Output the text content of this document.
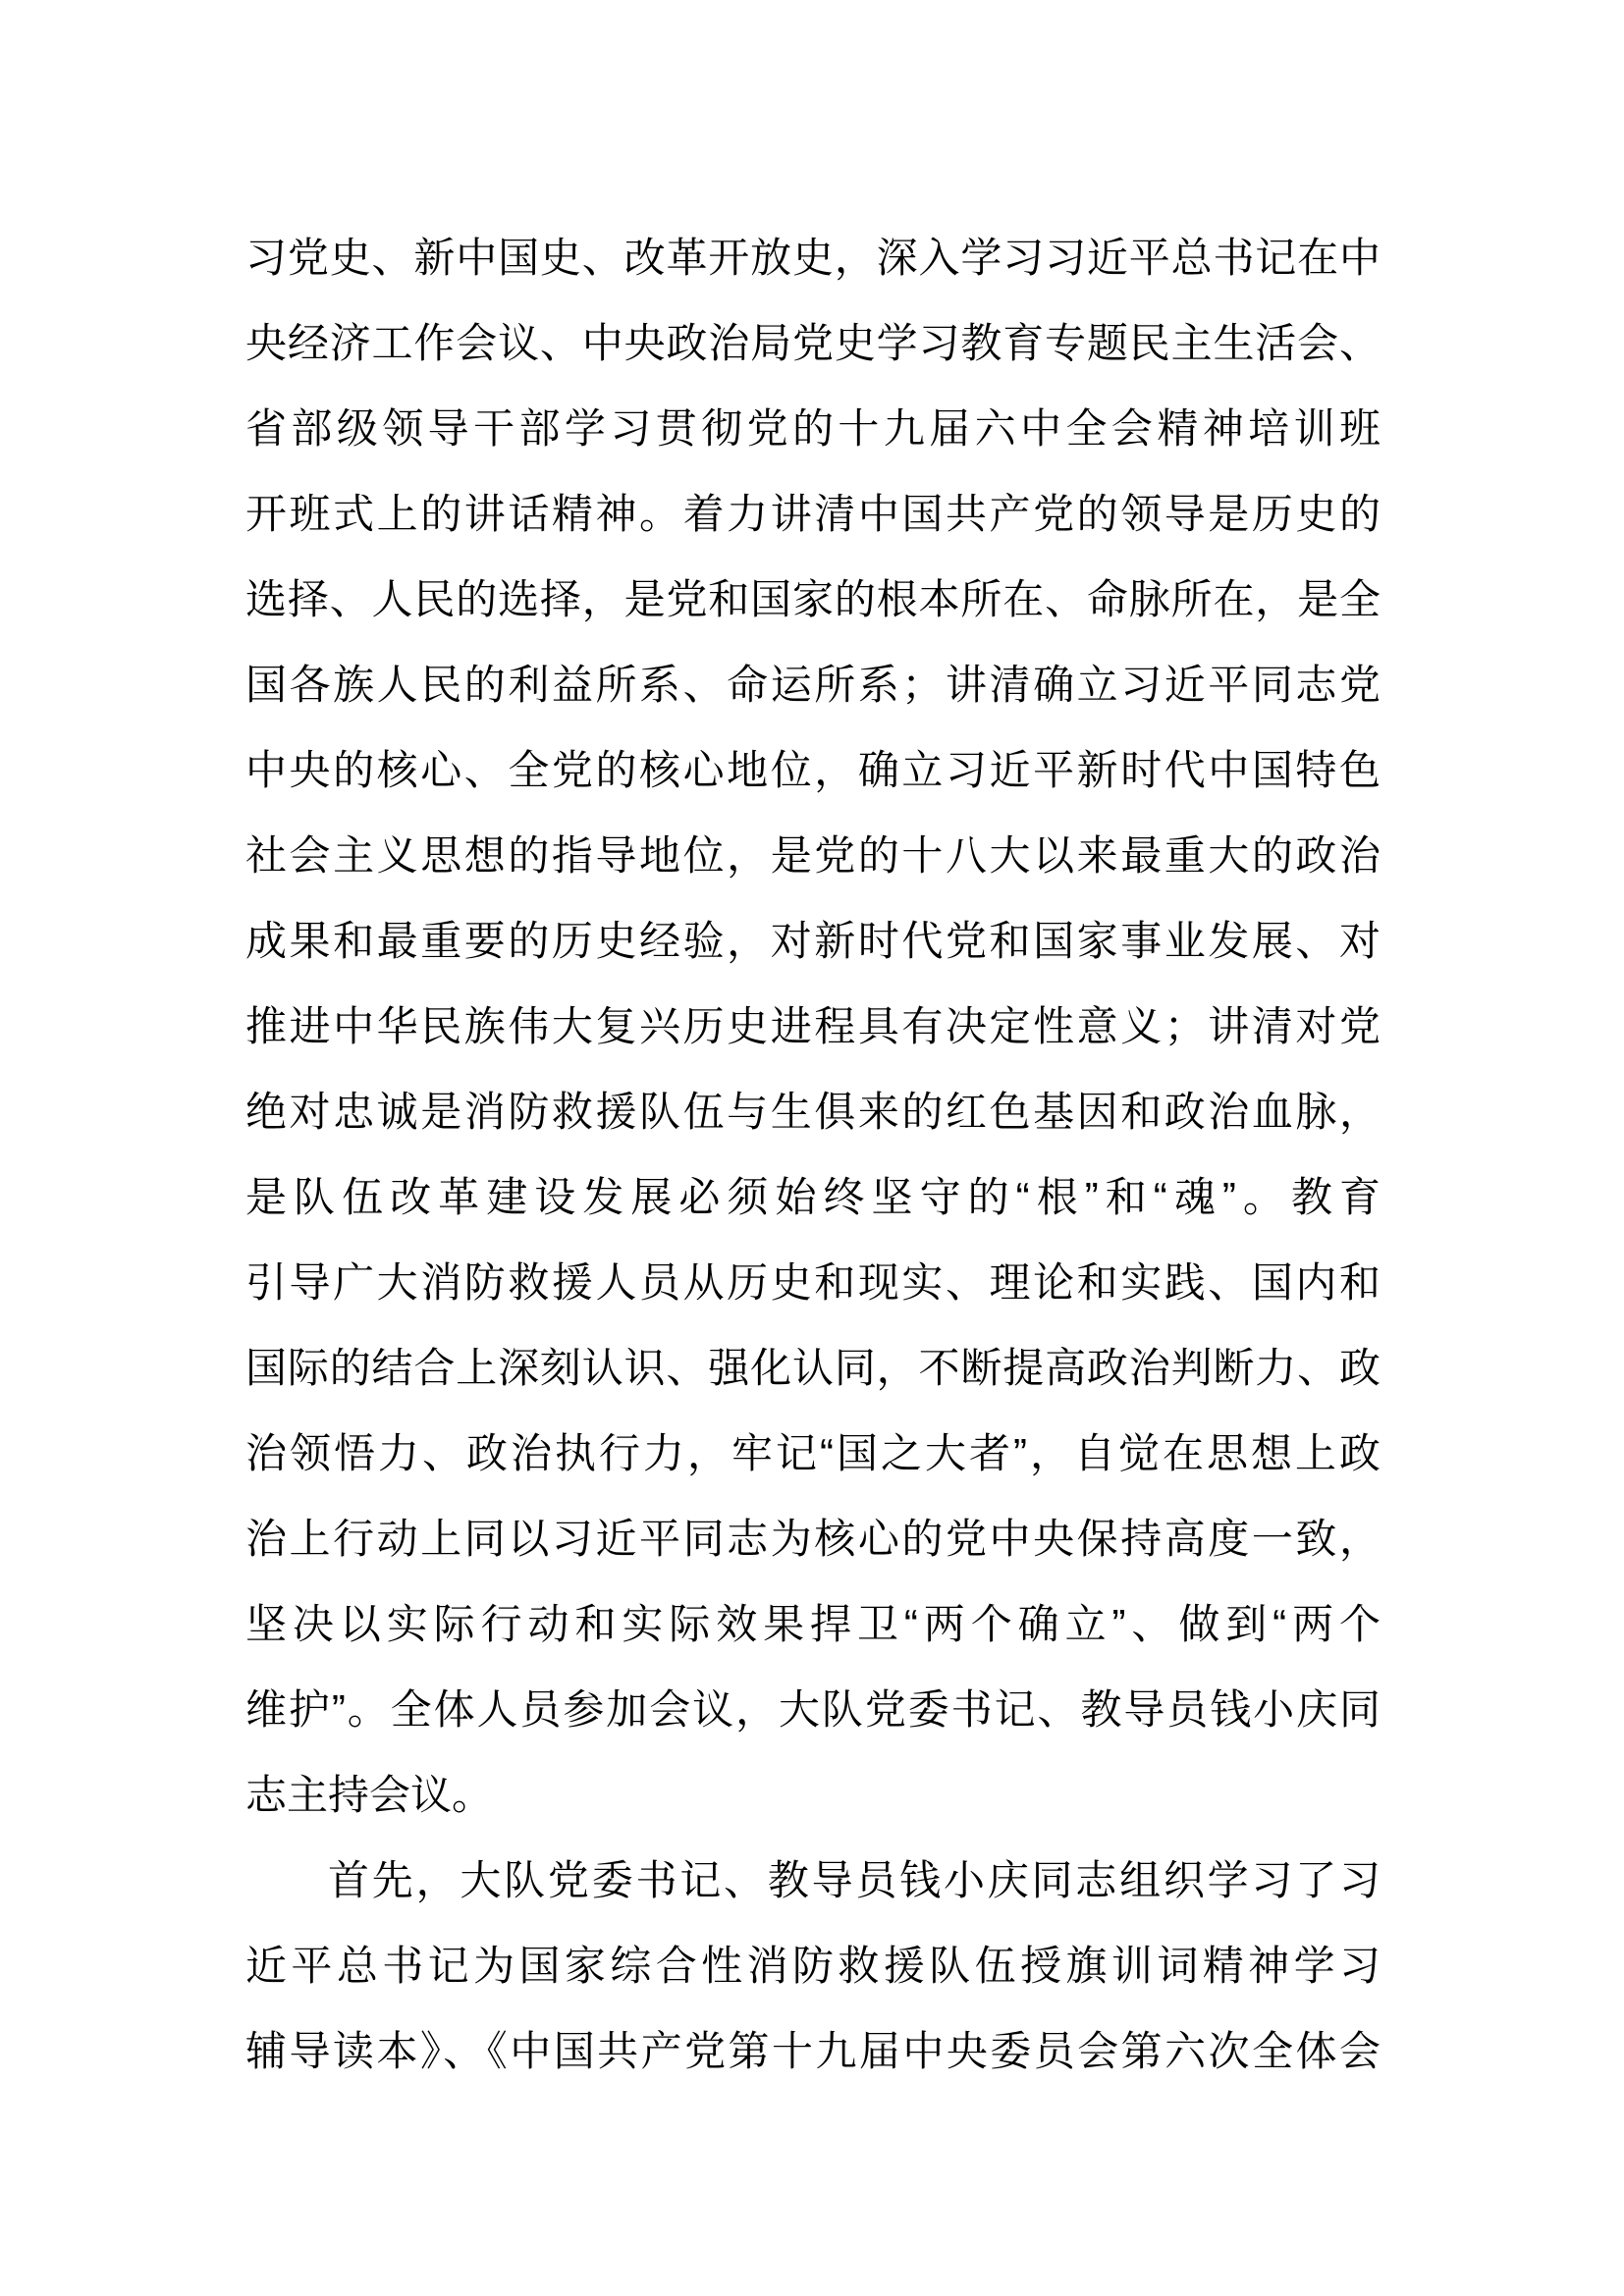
习党史、新中国史、改革开放史，深入学习习近平总书记在中
央经济工作会议、中央政治局党史学习教育专题民主生活会、
省部级领导干部学习贯彻党的十九届六中全会精神培训班
开班式上的讲话精神。着力讲清中国共产党的领导是历史的
选择、人民的选择，是党和国家的根本所在、命脉所在，是全
国各族人民的利益所系、命运所系；讲清确立习近平同志党
中央的核心、全党的核心地位，确立习近平新时代中国特色
社会主义思想的指导地位，是党的十八大以来最重大的政治
成果和最重要的历史经验，对新时代党和国家事业发展、对
推进中华民族伟大复兴历史进程具有决定性意义；讲清对党
绝对忠诚是消防救援队伍与生俱来的红色基因和政治血脉，
是队伍改革建设发展必须始终坚守的“根”和“魂”。教育
引导广大消防救援人员从历史和现实、理论和实践、国内和
国际的结合上深刻认识、强化认同，不断提高政治判断力、政
治领悟力、政治执行力，牢记“国之大者”，自觉在思想上政
治上行动上同以习近平同志为核心的党中央保持高度一致，
坚决以实际行动和实际效果捍卫“两个确立”、做到“两个
维护”。全体人员参加会议，大队党委书记、教导员钱小庆同
志主持会议。
首先，大队党委书记、教导员钱小庆同志组织学习了习
近平总书记为国家综合性消防救援队伍授旗训词精神学习
辅导读本》、《中国共产党第十九届中央委员会第六次全体会
